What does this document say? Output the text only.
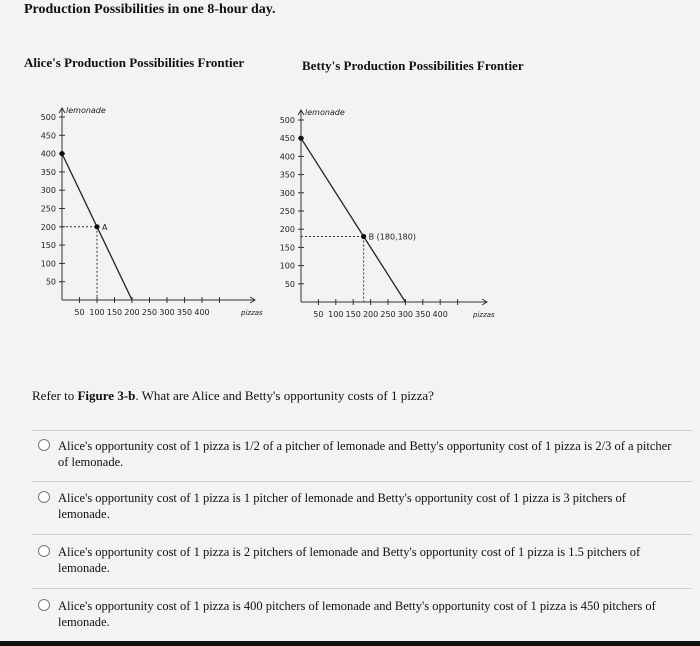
Production Possibilities in one 8-hour day.
Alice's Production Possibilities Frontier	Betty's Production Possibilities Frontier
lemonade
pizzas
50
100
150
200
250
300
350
400
450
500
50 100 150 200 250 300 350 400
A
lemonade
pizzas
50
100
150
200
250
300
350
400
450
500
50 100 150 200 250 300 350 400
B (180,180)
Refer to Figure 3-b. What are Alice and Betty's opportunity costs of 1 pizza?
Alice's opportunity cost of 1 pizza is 1/2 of a pitcher of lemonade and Betty's opportunity cost of 1 pizza is 2/3 of a pitcher of lemonade.
Alice's opportunity cost of 1 pizza is 1 pitcher of lemonade and Betty's opportunity cost of 1 pizza is 3 pitchers of lemonade.
Alice's opportunity cost of 1 pizza is 2 pitchers of lemonade and Betty's opportunity cost of 1 pizza is 1.5 pitchers of lemonade.
Alice's opportunity cost of 1 pizza is 400 pitchers of lemonade and Betty's opportunity cost of 1 pizza is 450 pitchers of lemonade.
